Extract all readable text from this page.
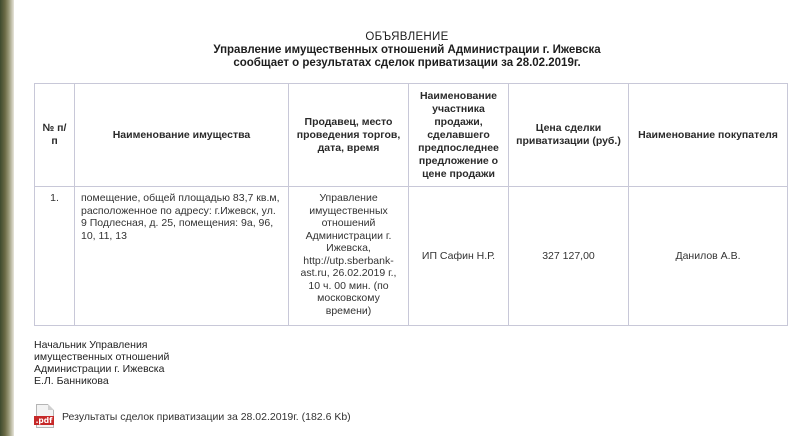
ОБЪЯВЛЕНИЕ
Управление имущественных отношений Администрации г. Ижевска
сообщает о результатах сделок приватизации за 28.02.2019г.
№ п/п	Наименование имущества	Продавец, место проведения торгов, дата, время	Наименование участника продажи, сделавшего предпоследнее предложение о цене продажи	Цена сделки приватизации (руб.)	Наименование покупателя
1.	помещение, общей площадью 83,7 кв.м, расположенное по адресу: г.Ижевск, ул. 9 Подлесная, д. 25, помещения: 9а, 96, 10, 11, 13	Управление имущественных отношений Администрации г. Ижевска, http://utp.sberbank-ast.ru, 26.02.2019 г., 10 ч. 00 мин. (по московскому времени)	ИП Сафин Н.Р.	327 127,00	Данилов А.В.
Начальник Управления
имущественных отношений
Администрации г. Ижевска
Е.Л. Банникова
.pdf Результаты сделок приватизации за 28.02.2019г. (182.6 Kb)
